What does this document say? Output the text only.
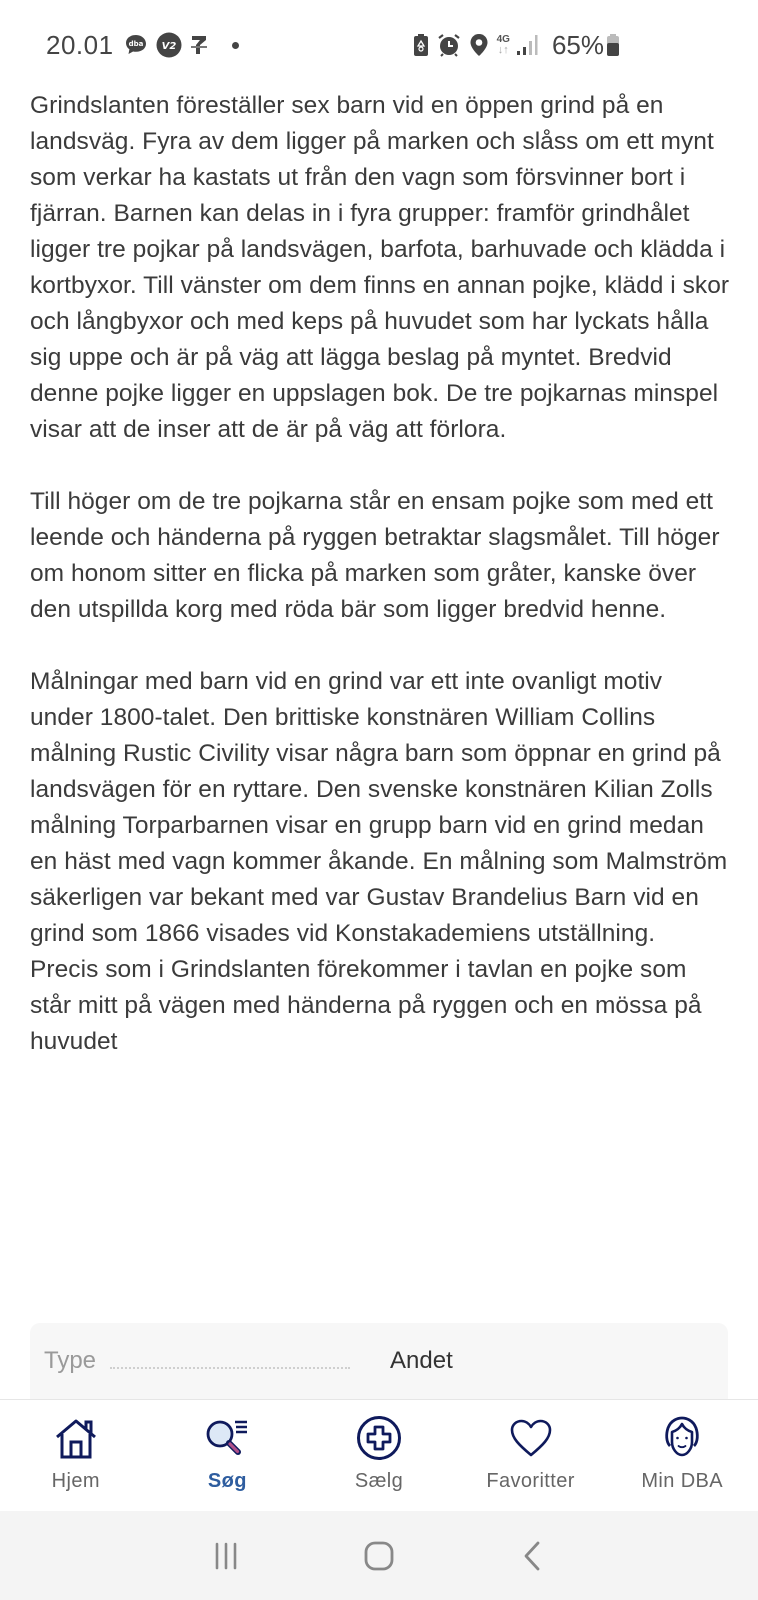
20.01 dba V2
4G
↓↑ 65%

Grindslanten föreställer sex barn vid en öppen grind på en landsväg. Fyra av dem ligger på marken och slåss om ett mynt som verkar ha kastats ut från den vagn som försvinner bort i fjärran. Barnen kan delas in i fyra grupper: framför grindhålet ligger tre pojkar på landsvägen, barfota, barhuvade och klädda i kortbyxor. Till vänster om dem finns en annan pojke, klädd i skor och långbyxor och med keps på huvudet som har lyckats hålla sig uppe och är på väg att lägga beslag på myntet. Bredvid denne pojke ligger en uppslagen bok. De tre pojkarnas minspel visar att de inser att de är på väg att förlora.

Till höger om de tre pojkarna står en ensam pojke som med ett leende och händerna på ryggen betraktar slagsmålet. Till höger om honom sitter en flicka på marken som gråter, kanske över den utspillda korg med röda bär som ligger bredvid henne.

Målningar med barn vid en grind var ett inte ovanligt motiv under 1800-talet. Den brittiske konstnären William Collins målning Rustic Civility visar några barn som öppnar en grind på landsvägen för en ryttare. Den svenske konstnären Kilian Zolls målning Torparbarnen visar en grupp barn vid en grind medan en häst med vagn kommer åkande. En målning som Malmström säkerligen var bekant med var Gustav Brandelius Barn vid en grind som 1866 visades vid Konstakademiens utställning. Precis som i Grindslanten förekommer i tavlan en pojke som står mitt på vägen med händerna på ryggen och en mössa på huvudet

Type	Andet
Hjem	Søg	Sælg	Favoritter	Min DBA
